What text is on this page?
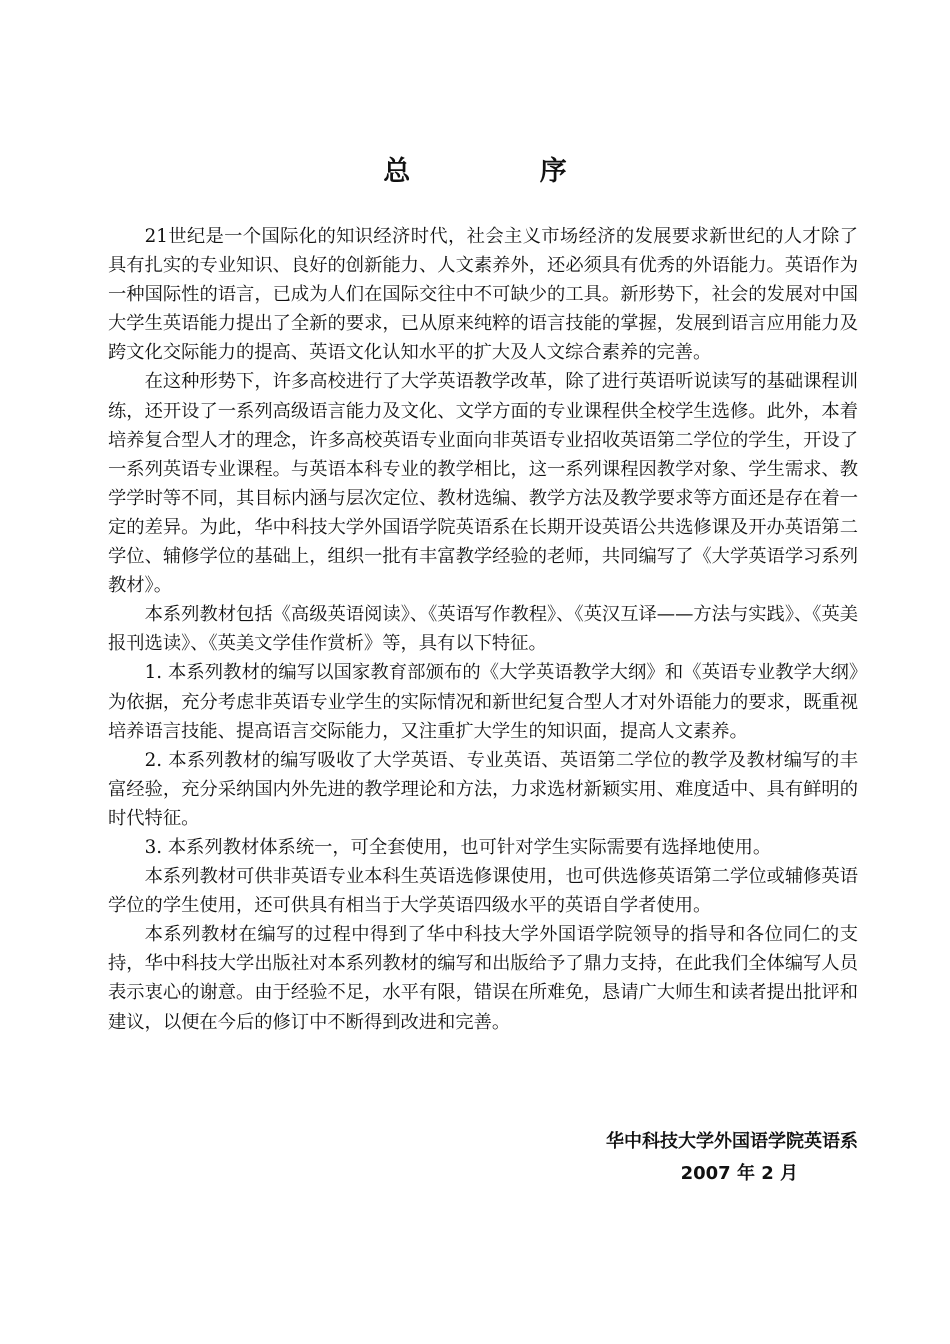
总 序

21世纪是一个国际化的知识经济时代，社会主义市场经济的发展要求新世纪的人才除了具有扎实的专业知识、良好的创新能力、人文素养外，还必须具有优秀的外语能力。英语作为一种国际性的语言，已成为人们在国际交往中不可缺少的工具。新形势下，社会的发展对中国大学生英语能力提出了全新的要求，已从原来纯粹的语言技能的掌握，发展到语言应用能力及跨文化交际能力的提高、英语文化认知水平的扩大及人文综合素养的完善。

在这种形势下，许多高校进行了大学英语教学改革，除了进行英语听说读写的基础课程训练，还开设了一系列高级语言能力及文化、文学方面的专业课程供全校学生选修。此外，本着培养复合型人才的理念，许多高校英语专业面向非英语专业招收英语第二学位的学生，开设了一系列英语专业课程。与英语本科专业的教学相比，这一系列课程因教学对象、学生需求、教学学时等不同，其目标内涵与层次定位、教材选编、教学方法及教学要求等方面还是存在着一定的差异。为此，华中科技大学外国语学院英语系在长期开设英语公共选修课及开办英语第二学位、辅修学位的基础上，组织一批有丰富教学经验的老师，共同编写了《大学英语学习系列教材》。

本系列教材包括《高级英语阅读》、《英语写作教程》、《英汉互译——方法与实践》、《英美报刊选读》、《英美文学佳作赏析》等，具有以下特征。

1. 本系列教材的编写以国家教育部颁布的《大学英语教学大纲》和《英语专业教学大纲》为依据，充分考虑非英语专业学生的实际情况和新世纪复合型人才对外语能力的要求，既重视培养语言技能、提高语言交际能力，又注重扩大学生的知识面，提高人文素养。

2. 本系列教材的编写吸收了大学英语、专业英语、英语第二学位的教学及教材编写的丰富经验，充分采纳国内外先进的教学理论和方法，力求选材新颖实用、难度适中、具有鲜明的时代特征。

3. 本系列教材体系统一，可全套使用，也可针对学生实际需要有选择地使用。

本系列教材可供非英语专业本科生英语选修课使用，也可供选修英语第二学位或辅修英语学位的学生使用，还可供具有相当于大学英语四级水平的英语自学者使用。

本系列教材在编写的过程中得到了华中科技大学外国语学院领导的指导和各位同仁的支持，华中科技大学出版社对本系列教材的编写和出版给予了鼎力支持，在此我们全体编写人员表示衷心的谢意。由于经验不足，水平有限，错误在所难免，恳请广大师生和读者提出批评和建议，以便在今后的修订中不断得到改进和完善。

华中科技大学外国语学院英语系
2007 年 2 月
